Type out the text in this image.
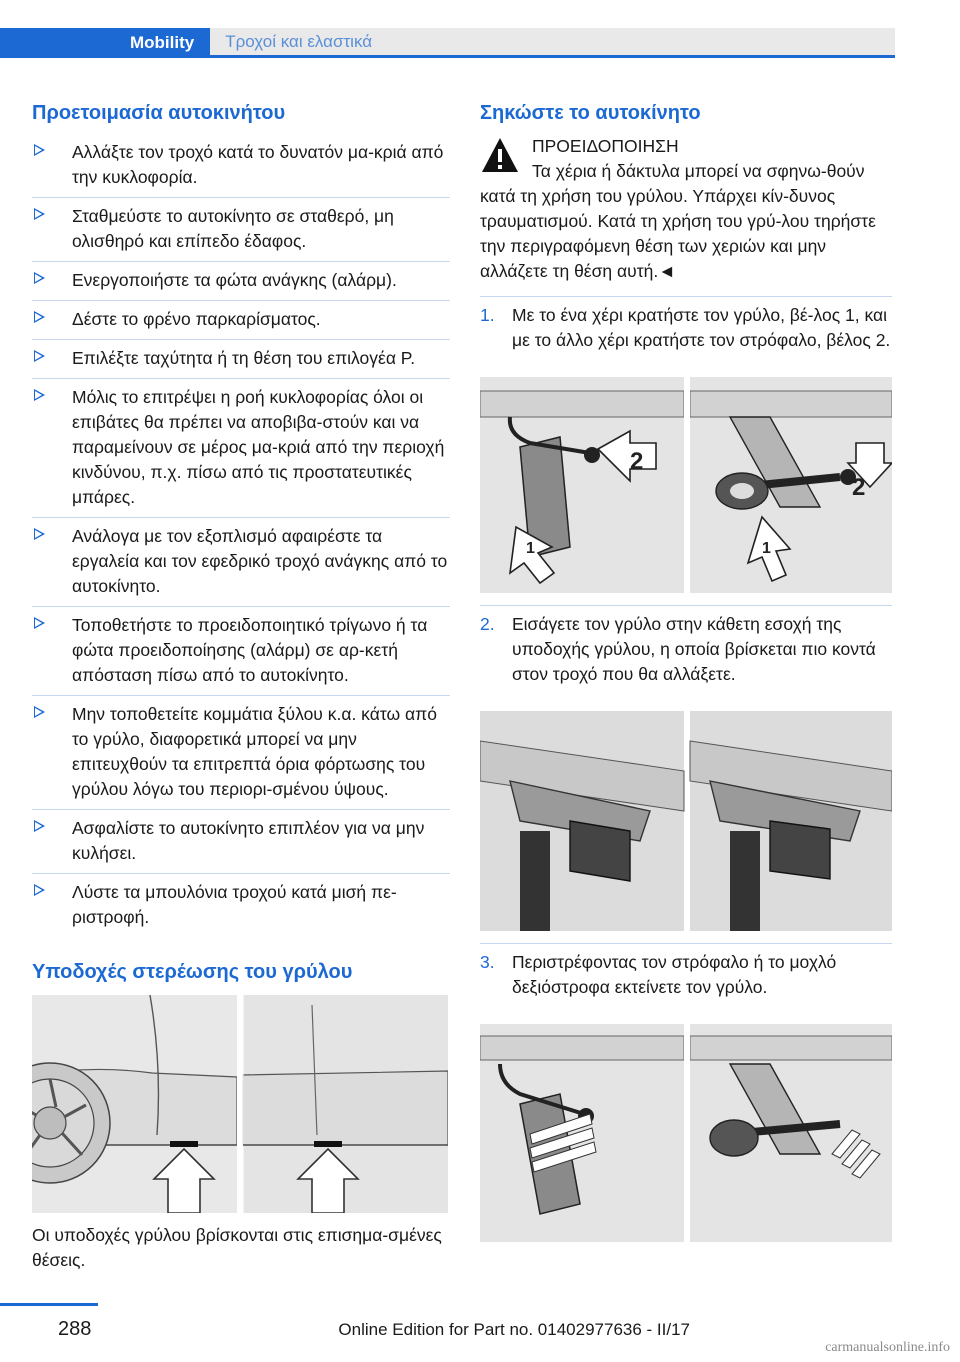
Mobility	Τροχοί και ελαστικά
Προετοιμασία αυτοκινήτου
Αλλάξτε τον τροχό κατά το δυνατόν μα-κριά από την κυκλοφορία.
Σταθμεύστε το αυτοκίνητο σε σταθερό, μη ολισθηρό και επίπεδο έδαφος.
Ενεργοποιήστε τα φώτα ανάγκης (αλάρμ).
Δέστε το φρένο παρκαρίσματος.
Επιλέξτε ταχύτητα ή τη θέση του επιλογέα P.
Μόλις το επιτρέψει η ροή κυκλοφορίας όλοι οι επιβάτες θα πρέπει να αποβιβα-στούν και να παραμείνουν σε μέρος μα-κριά από την περιοχή κινδύνου, π.χ. πίσω από τις προστατευτικές μπάρες.
Ανάλογα με τον εξοπλισμό αφαιρέστε τα εργαλεία και τον εφεδρικό τροχό ανάγκης από το αυτοκίνητο.
Τοποθετήστε το προειδοποιητικό τρίγωνο ή τα φώτα προειδοποίησης (αλάρμ) σε αρ-κετή απόσταση πίσω από το αυτοκίνητο.
Μην τοποθετείτε κομμάτια ξύλου κ.α. κάτω από το γρύλο, διαφορετικά μπορεί να μην επιτευχθούν τα επιτρεπτά όρια φόρτωσης του γρύλου λόγω του περιορι-σμένου ύψους.
Ασφαλίστε το αυτοκίνητο επιπλέον για να μην κυλήσει.
Λύστε τα μπουλόνια τροχού κατά μισή πε-ριστροφή.
Υποδοχές στερέωσης του γρύλου
Οι υποδοχές γρύλου βρίσκονται στις επισημα-σμένες θέσεις.
Σηκώστε το αυτοκίνητο
ΠΡΟΕΙΔΟΠΟΙΗΣΗ
Τα χέρια ή δάκτυλα μπορεί να σφηνω-θούν κατά τη χρήση του γρύλου. Υπάρχει κίν-δυνος τραυματισμού. Κατά τη χρήση του γρύ-λου τηρήστε την περιγραφόμενη θέση των χεριών και μην αλλάζετε τη θέση αυτή.◄
1. Με το ένα χέρι κρατήστε τον γρύλο, βέ-λος 1, και με το άλλο χέρι κρατήστε τον στρόφαλο, βέλος 2.
2
1
2
1
2. Εισάγετε τον γρύλο στην κάθετη εσοχή της υποδοχής γρύλου, η οποία βρίσκεται πιο κοντά στον τροχό που θα αλλάξετε.
3. Περιστρέφοντας τον στρόφαλο ή το μοχλό δεξιόστροφα εκτείνετε τον γρύλο.
288	Online Edition for Part no. 01402977636 - II/17
carmanualsonline.info
